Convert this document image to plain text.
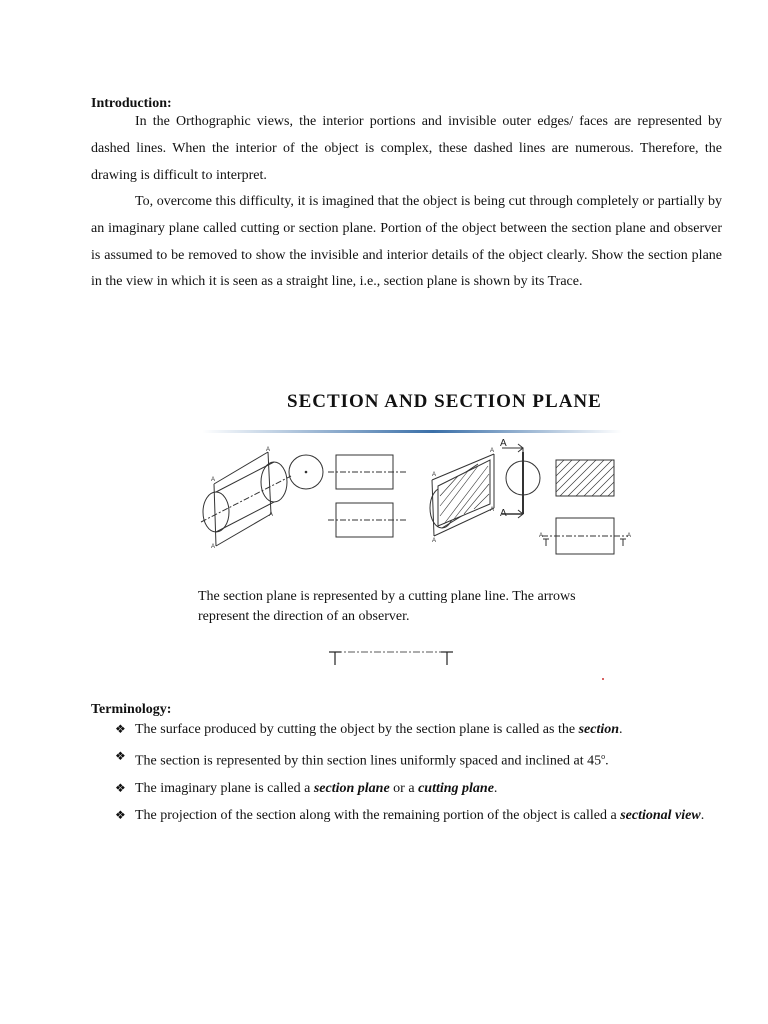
Introduction:

In the Orthographic views, the interior portions and invisible outer edges/ faces are represented by dashed lines. When the interior of the object is complex, these dashed lines are numerous. Therefore, the drawing is difficult to interpret.

To, overcome this difficulty, it is imagined that the object is being cut through completely or partially by an imaginary plane called cutting or section plane. Portion of the object between the section plane and observer is assumed to be removed to show the invisible and interior details of the object clearly. Show the section plane in the view in which it is seen as a straight line, i.e., section plane is shown by its Trace.

SECTION AND SECTION PLANE
A
A
A
A
A
A
A
A
A	A
A
A
The section plane is represented by a cutting plane line. The arrows represent the direction of an observer.
Terminology:
❖ The surface produced by cutting the object by the section plane is called as the section.
❖ The section is represented by thin section lines uniformly spaced and inclined at 45$^o$.
❖ The imaginary plane is called a section plane or a cutting plane.
❖ The projection of the section along with the remaining portion of the object is called a sectional view.
